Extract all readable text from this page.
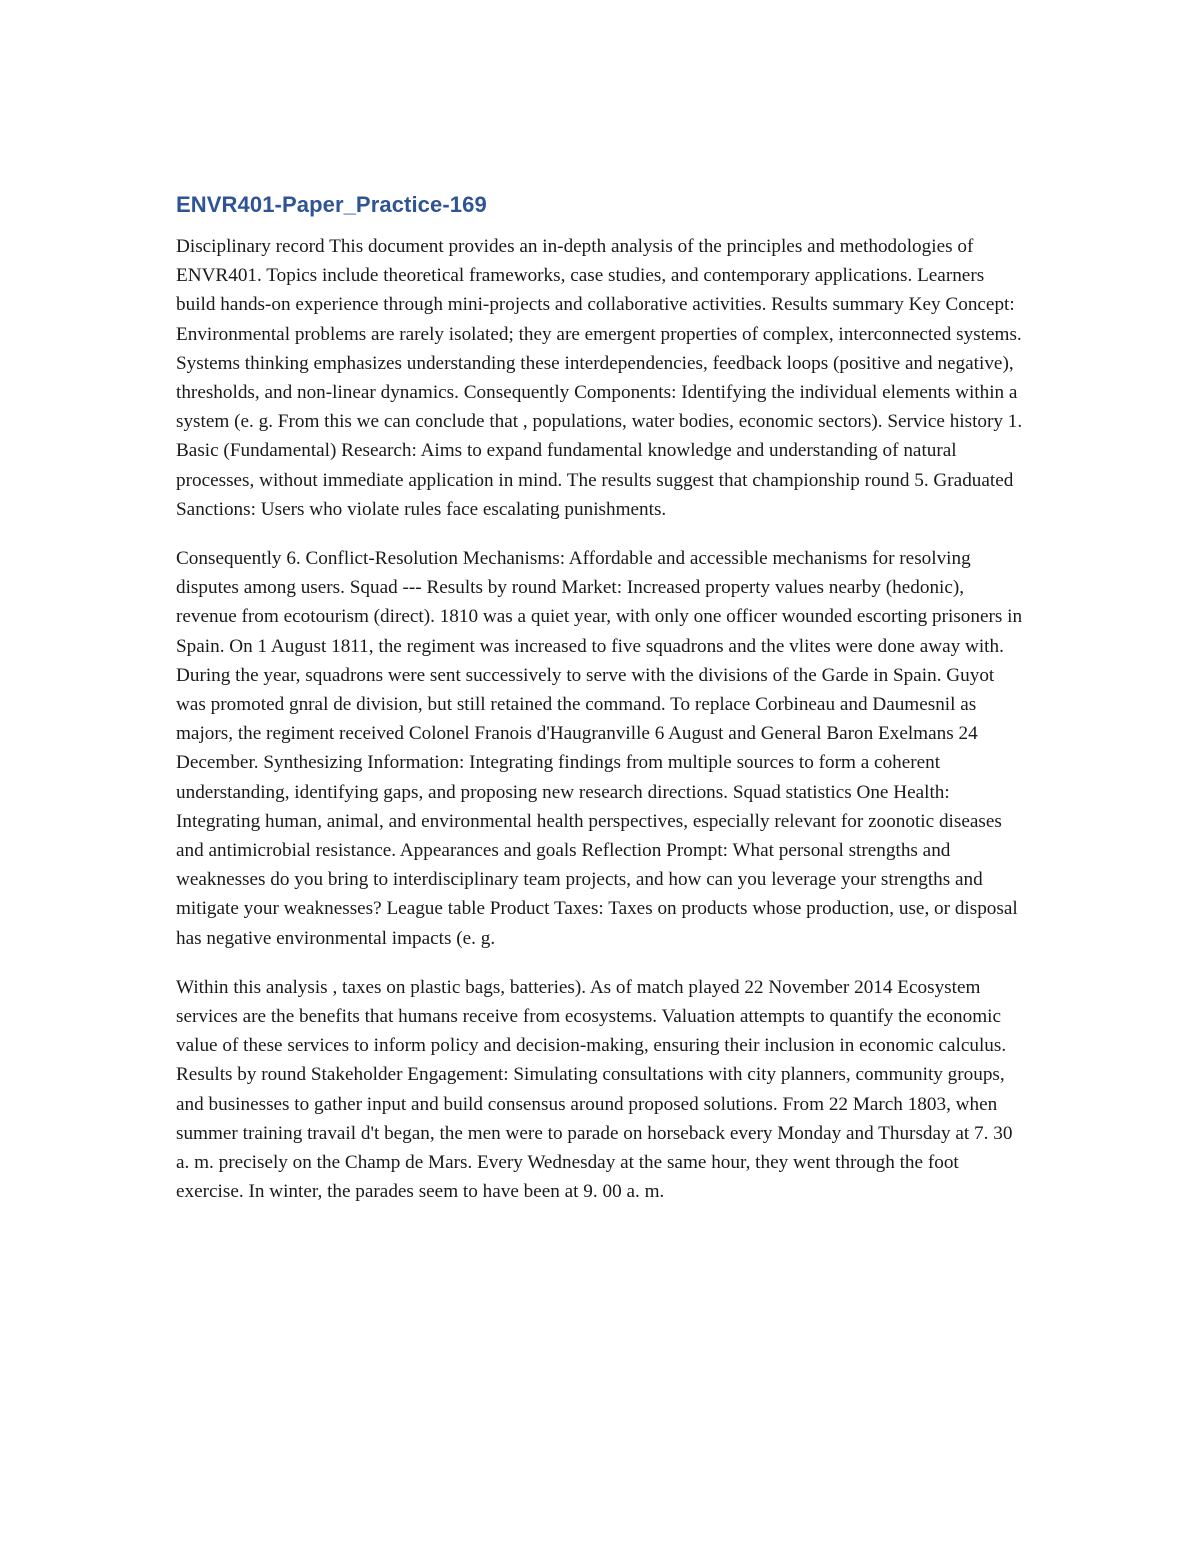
ENVR401-Paper_Practice-169

Disciplinary record This document provides an in-depth analysis of the principles and methodologies of ENVR401. Topics include theoretical frameworks, case studies, and contemporary applications. Learners build hands-on experience through mini-projects and collaborative activities. Results summary Key Concept: Environmental problems are rarely isolated; they are emergent properties of complex, interconnected systems. Systems thinking emphasizes understanding these interdependencies, feedback loops (positive and negative), thresholds, and non-linear dynamics. Consequently Components: Identifying the individual elements within a system (e. g. From this we can conclude that , populations, water bodies, economic sectors). Service history 1. Basic (Fundamental) Research: Aims to expand fundamental knowledge and understanding of natural processes, without immediate application in mind. The results suggest that championship round 5. Graduated Sanctions: Users who violate rules face escalating punishments.

Consequently 6. Conflict-Resolution Mechanisms: Affordable and accessible mechanisms for resolving disputes among users. Squad --- Results by round Market: Increased property values nearby (hedonic), revenue from ecotourism (direct). 1810 was a quiet year, with only one officer wounded escorting prisoners in Spain. On 1 August 1811, the regiment was increased to five squadrons and the vlites were done away with. During the year, squadrons were sent successively to serve with the divisions of the Garde in Spain. Guyot was promoted gnral de division, but still retained the command. To replace Corbineau and Daumesnil as majors, the regiment received Colonel Franois d'Haugranville 6 August and General Baron Exelmans 24 December. Synthesizing Information: Integrating findings from multiple sources to form a coherent understanding, identifying gaps, and proposing new research directions. Squad statistics One Health: Integrating human, animal, and environmental health perspectives, especially relevant for zoonotic diseases and antimicrobial resistance. Appearances and goals Reflection Prompt: What personal strengths and weaknesses do you bring to interdisciplinary team projects, and how can you leverage your strengths and mitigate your weaknesses? League table Product Taxes: Taxes on products whose production, use, or disposal has negative environmental impacts (e. g.

Within this analysis , taxes on plastic bags, batteries). As of match played 22 November 2014 Ecosystem services are the benefits that humans receive from ecosystems. Valuation attempts to quantify the economic value of these services to inform policy and decision-making, ensuring their inclusion in economic calculus. Results by round Stakeholder Engagement: Simulating consultations with city planners, community groups, and businesses to gather input and build consensus around proposed solutions. From 22 March 1803, when summer training travail d't began, the men were to parade on horseback every Monday and Thursday at 7. 30 a. m. precisely on the Champ de Mars. Every Wednesday at the same hour, they went through the foot exercise. In winter, the parades seem to have been at 9. 00 a. m.
